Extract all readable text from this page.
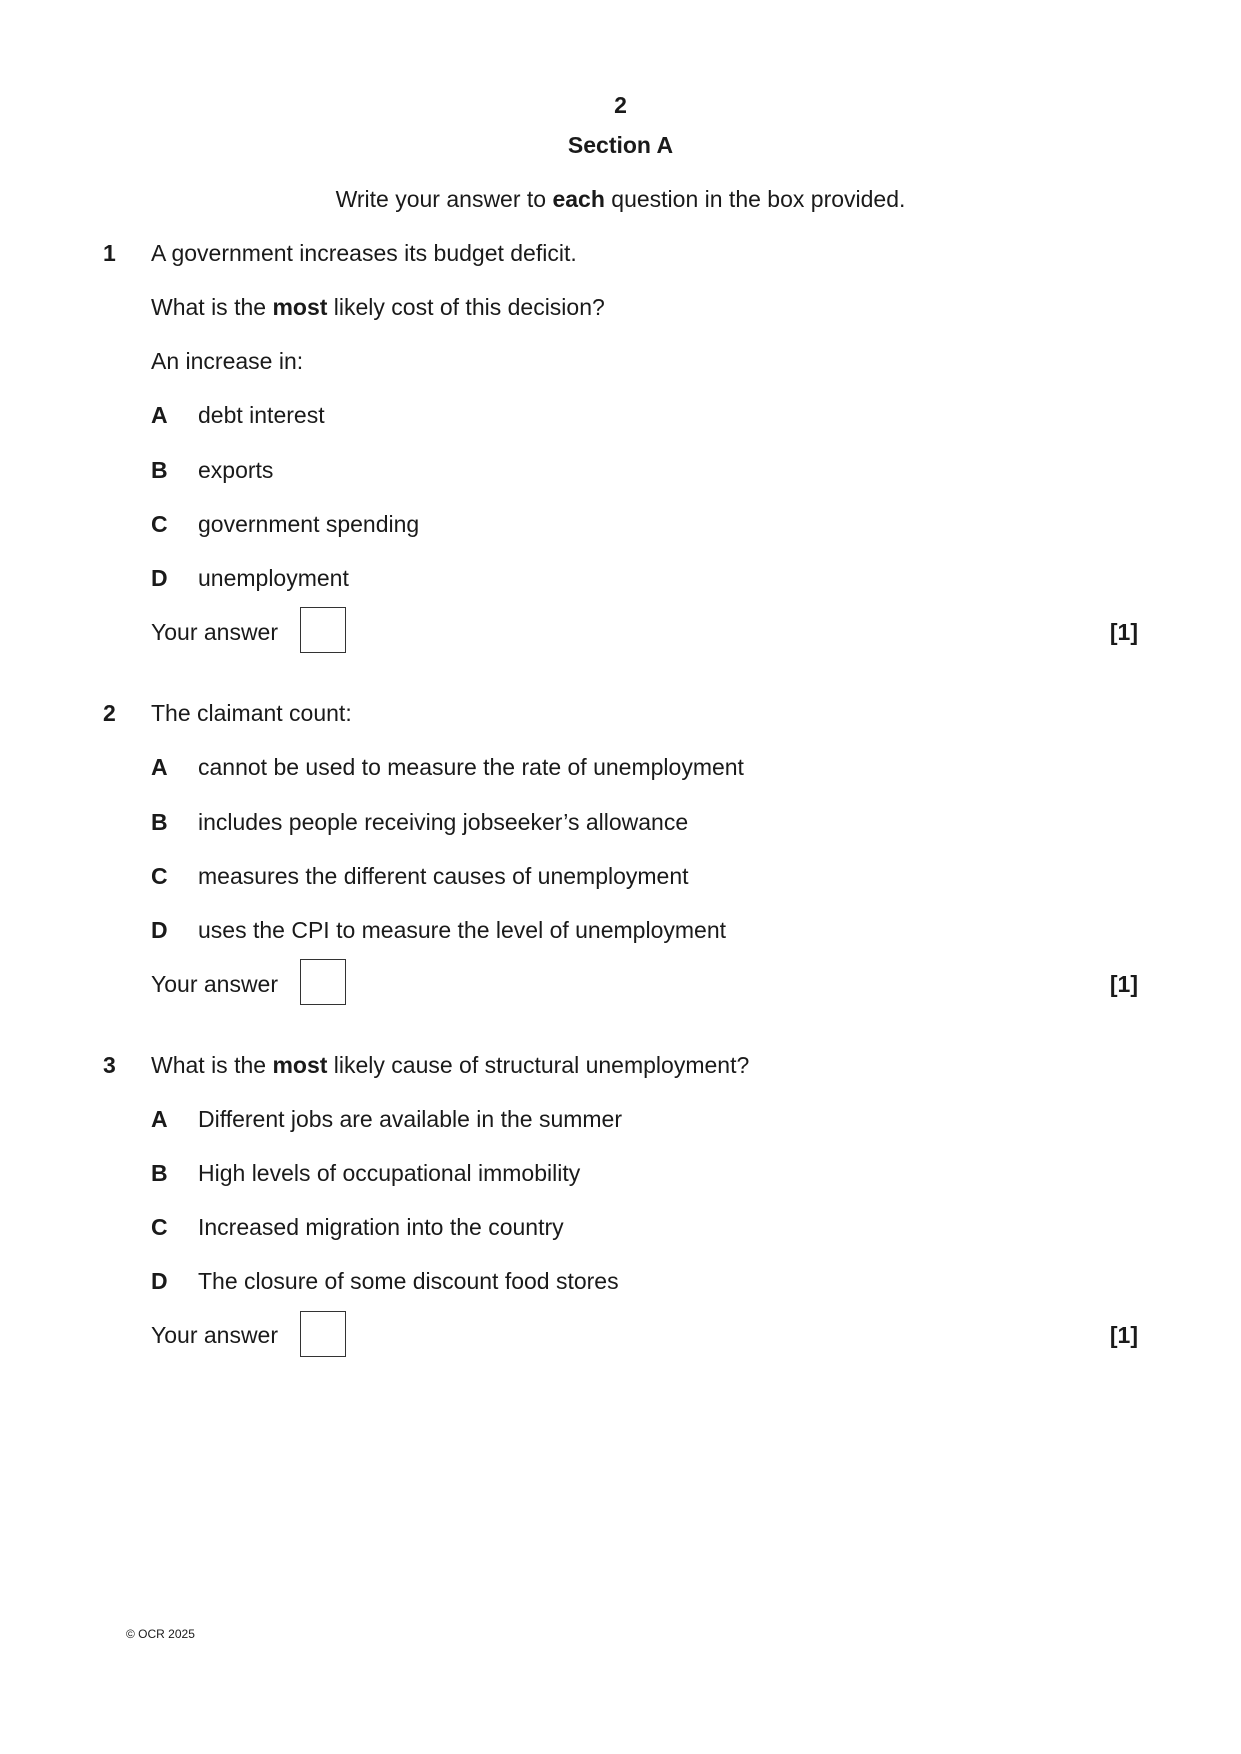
2
Section A
Write your answer to each question in the box provided.
1 A government increases its budget deficit.
What is the most likely cost of this decision?
An increase in:
A debt interest
B exports
C government spending
D unemployment
Your answer	[1]
2 The claimant count:
A cannot be used to measure the rate of unemployment
B includes people receiving jobseeker’s allowance
C measures the different causes of unemployment
D uses the CPI to measure the level of unemployment
Your answer	[1]
3 What is the most likely cause of structural unemployment?
A Different jobs are available in the summer
B High levels of occupational immobility
C Increased migration into the country
D The closure of some discount food stores
Your answer	[1]
© OCR 2025
